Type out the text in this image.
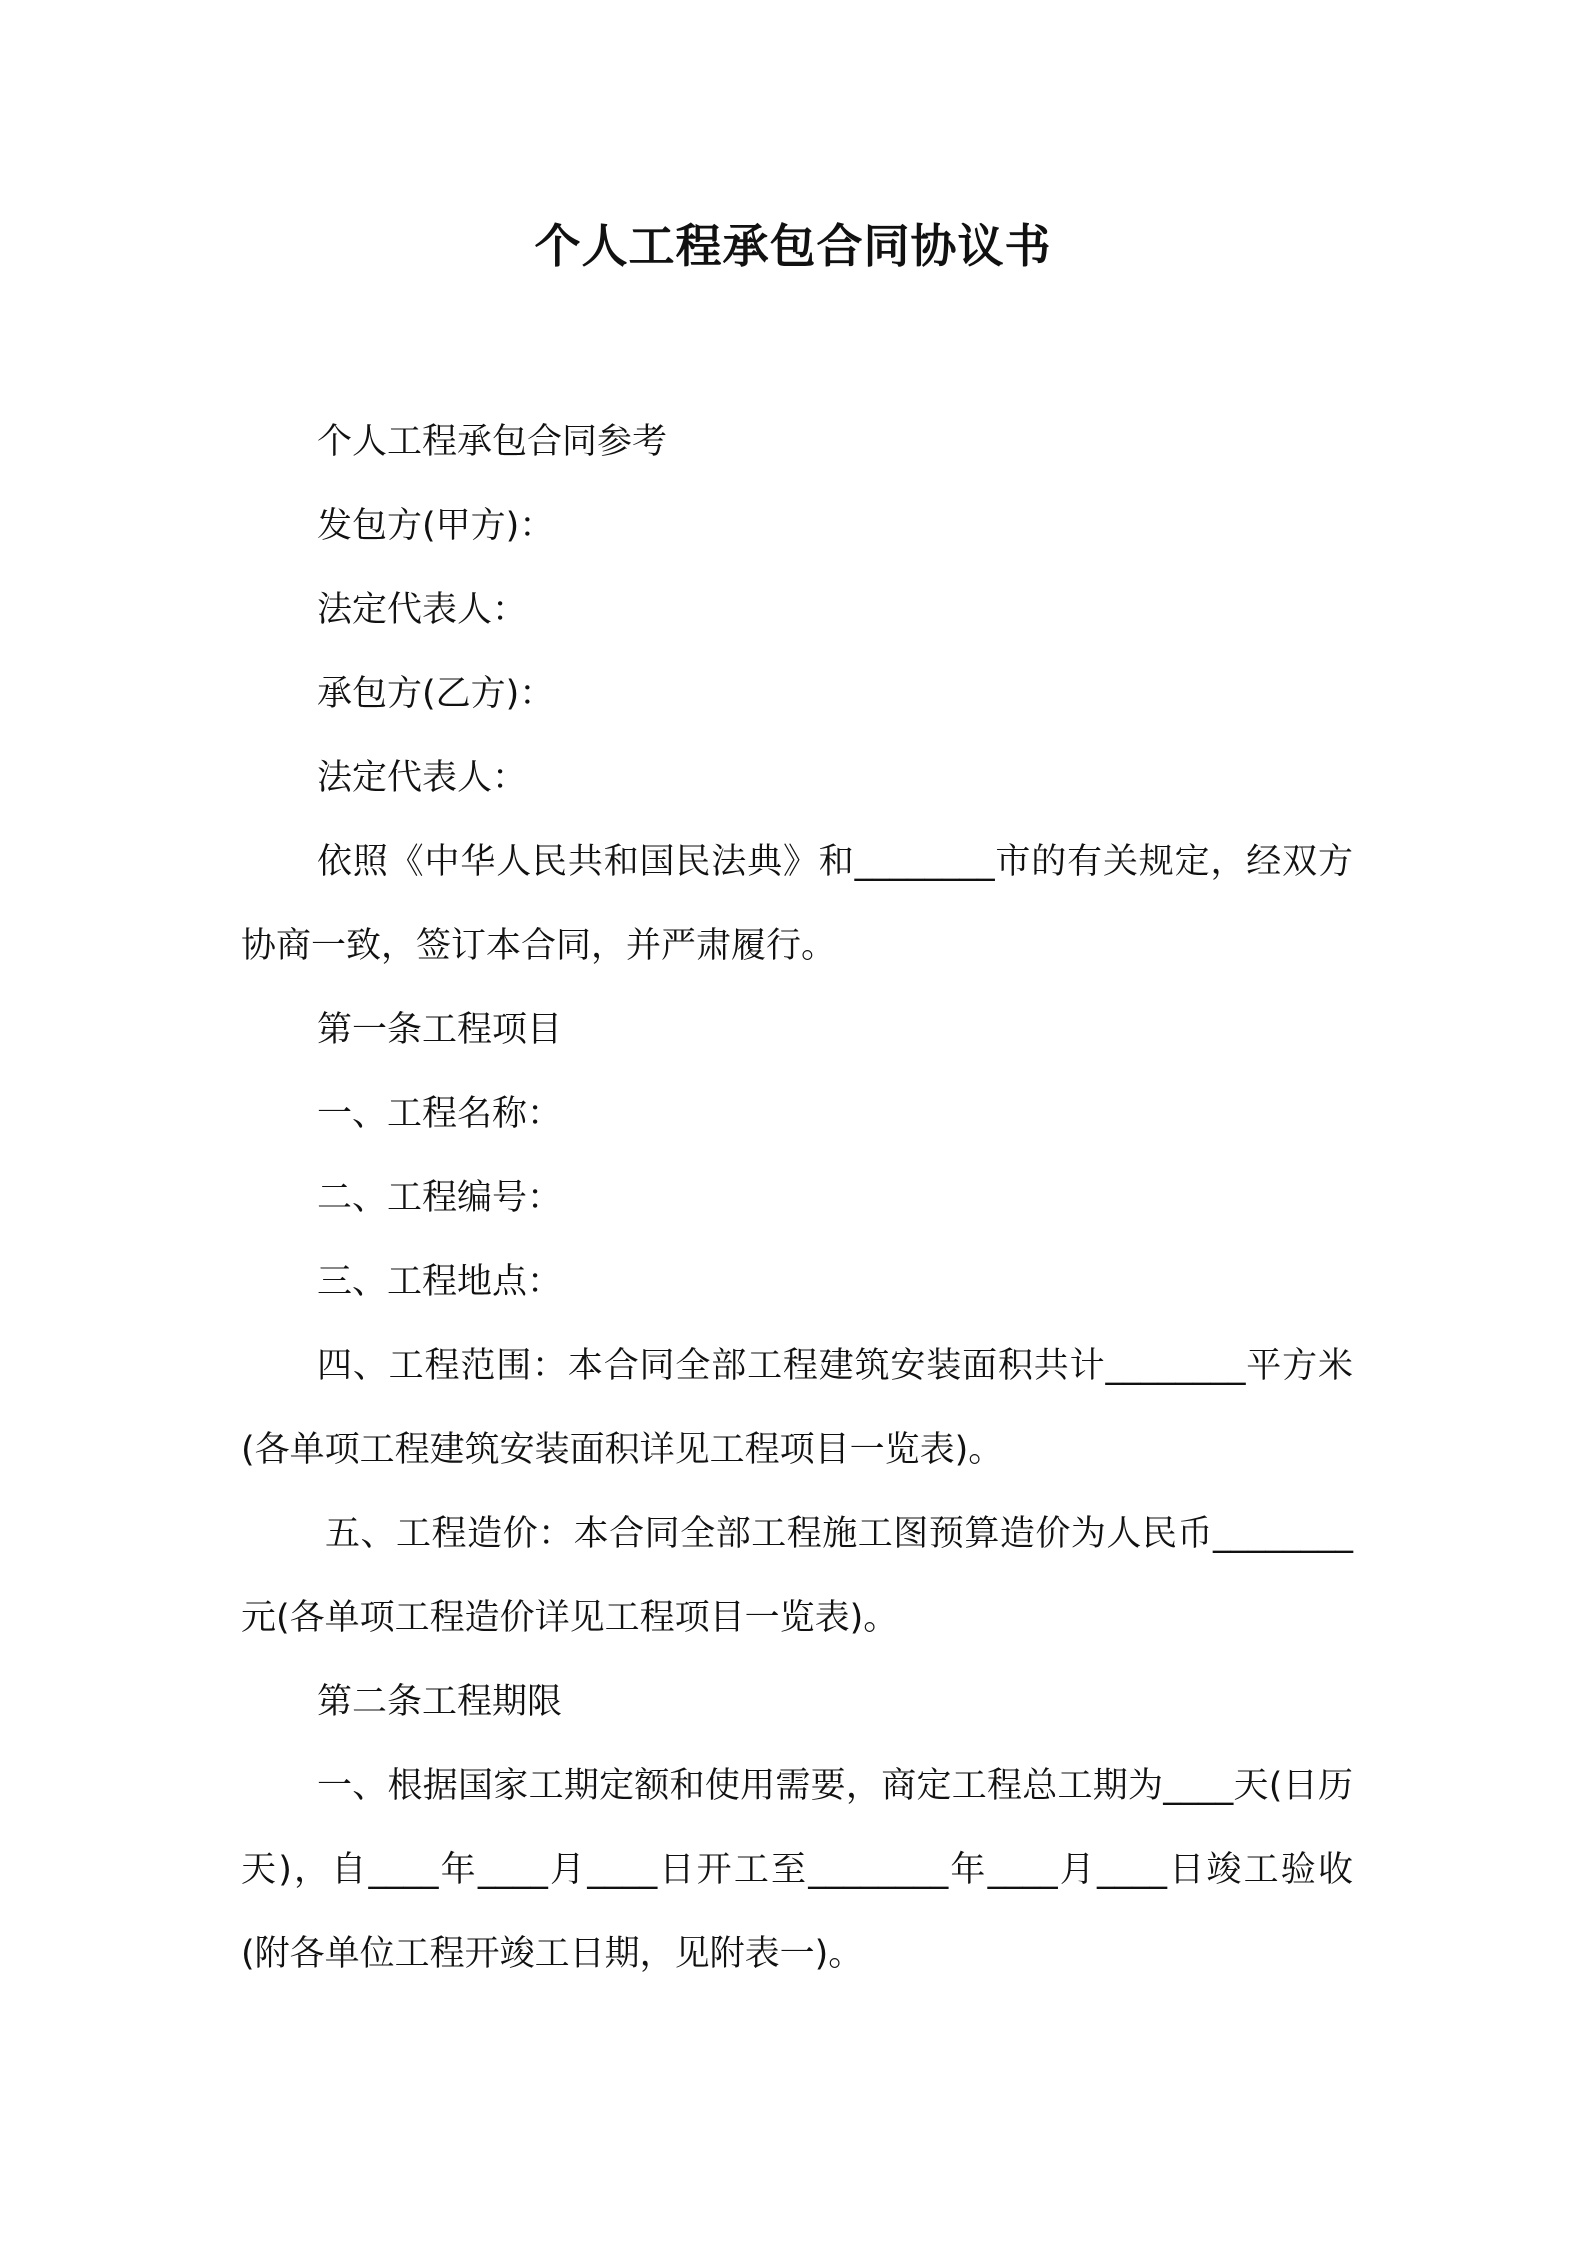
个人工程承包合同协议书

个人工程承包合同参考

发包方(甲方)：

法定代表人：

承包方(乙方)：

法定代表人：

依照《中华人民共和国民法典》和________市的有关规定，经双方协商一致，签订本合同，并严肃履行。

第一条工程项目

一、工程名称：

二、工程编号：

三、工程地点：

四、工程范围：本合同全部工程建筑安装面积共计________平方米(各单项工程建筑安装面积详见工程项目一览表)。

五、工程造价：本合同全部工程施工图预算造价为人民币________元(各单项工程造价详见工程项目一览表)。

第二条工程期限

一、根据国家工期定额和使用需要，商定工程总工期为____天(日历天)，自____年____月____日开工至________年____月____日竣工验收(附各单位工程开竣工日期，见附表一)。
